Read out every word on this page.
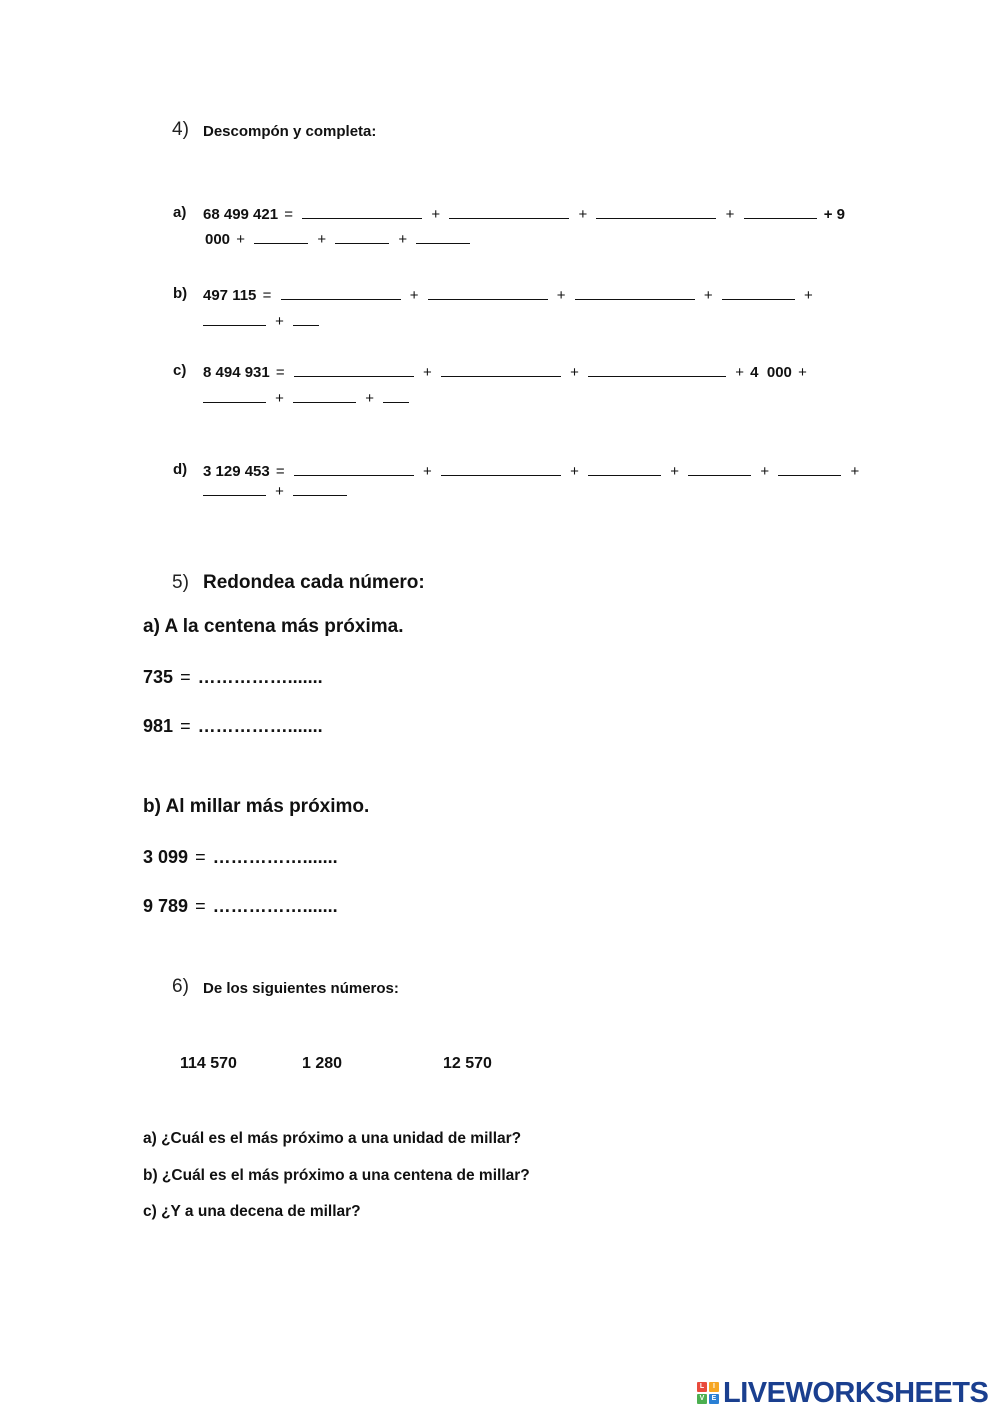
4) Descompón y completa:
a) 68 499 421 =	+	+	+	+ 9
000 +	+	+
b) 497 115 =	+	+	+	+
+
c) 8 494 931 =	+	+	+ 4  000 +
+	+
d) 3 129 453 =	+	+	+	+	+
+
5) Redondea cada número:
a) A la centena más próxima.
735 = …………….......
981 = …………….......
b) Al millar más próximo.
3 099 = …………….......
9 789 = …………….......
6) De los siguientes números:
114 570	1 280	12 570
a) ¿Cuál es el más próximo a una unidad de millar?
b) ¿Cuál es el más próximo a una centena de millar?
c) ¿Y a una decena de millar?
L	I
V	E LIVEWORKSHEETS
